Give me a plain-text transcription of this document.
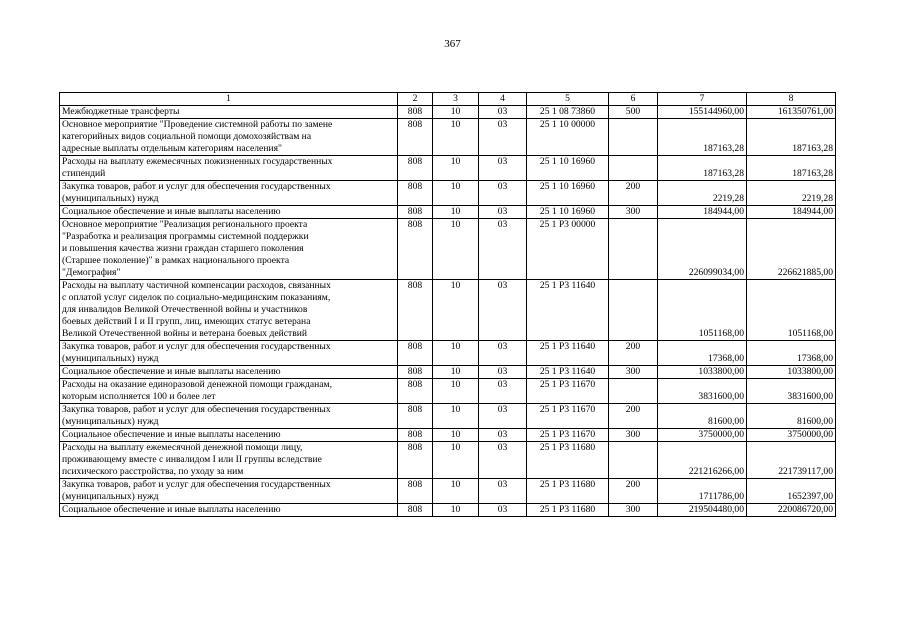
367
1	2	3	4	5	6	7	8

Межбюджетные трансферты	808	10	03	25 1 08 73860	500	155144960,00	161350761,00

Основное мероприятие "Проведение системной работы по замене
категорийных видов социальной помощи домохозяйствам на
адресные выплаты отдельным категориям населения"	808	10	03	25 1 10 00000		187163,28	187163,28

Расходы на выплату ежемесячных пожизненных государственных
стипендий	808	10	03	25 1 10 16960		187163,28	187163,28

Закупка товаров, работ и услуг для обеспечения государственных
(муниципальных) нужд	808	10	03	25 1 10 16960	200	2219,28	2219,28

Социальное обеспечение и иные выплаты населению	808	10	03	25 1 10 16960	300	184944,00	184944,00

Основное мероприятие "Реализация регионального проекта
"Разработка и реализация программы системной поддержки
и повышения качества жизни граждан старшего поколения
(Старшее поколение)" в рамках национального проекта
"Демография"	808	10	03	25 1 P3 00000		226099034,00	226621885,00

Расходы на выплату частичной компенсации расходов, связанных
с оплатой услуг сиделок по социально-медицинским показаниям,
для инвалидов Великой Отечественной войны и участников
боевых действий I и II групп, лиц, имеющих статус ветерана
Великой Отечественной войны и ветерана боевых действий	808	10	03	25 1 P3 11640		1051168,00	1051168,00

Закупка товаров, работ и услуг для обеспечения государственных
(муниципальных) нужд	808	10	03	25 1 P3 11640	200	17368,00	17368,00

Социальное обеспечение и иные выплаты населению	808	10	03	25 1 P3 11640	300	1033800,00	1033800,00

Расходы на оказание единоразовой денежной помощи гражданам,
которым исполняется 100 и более лет	808	10	03	25 1 P3 11670		3831600,00	3831600,00

Закупка товаров, работ и услуг для обеспечения государственных
(муниципальных) нужд	808	10	03	25 1 P3 11670	200	81600,00	81600,00

Социальное обеспечение и иные выплаты населению	808	10	03	25 1 P3 11670	300	3750000,00	3750000,00

Расходы на выплату ежемесячной денежной помощи лицу,
проживающему вместе с инвалидом I или II группы вследствие
психического расстройства, по уходу за ним	808	10	03	25 1 P3 11680		221216266,00	221739117,00

Закупка товаров, работ и услуг для обеспечения государственных
(муниципальных) нужд	808	10	03	25 1 P3 11680	200	1711786,00	1652397,00

Социальное обеспечение и иные выплаты населению	808	10	03	25 1 P3 11680	300	219504480,00	220086720,00
